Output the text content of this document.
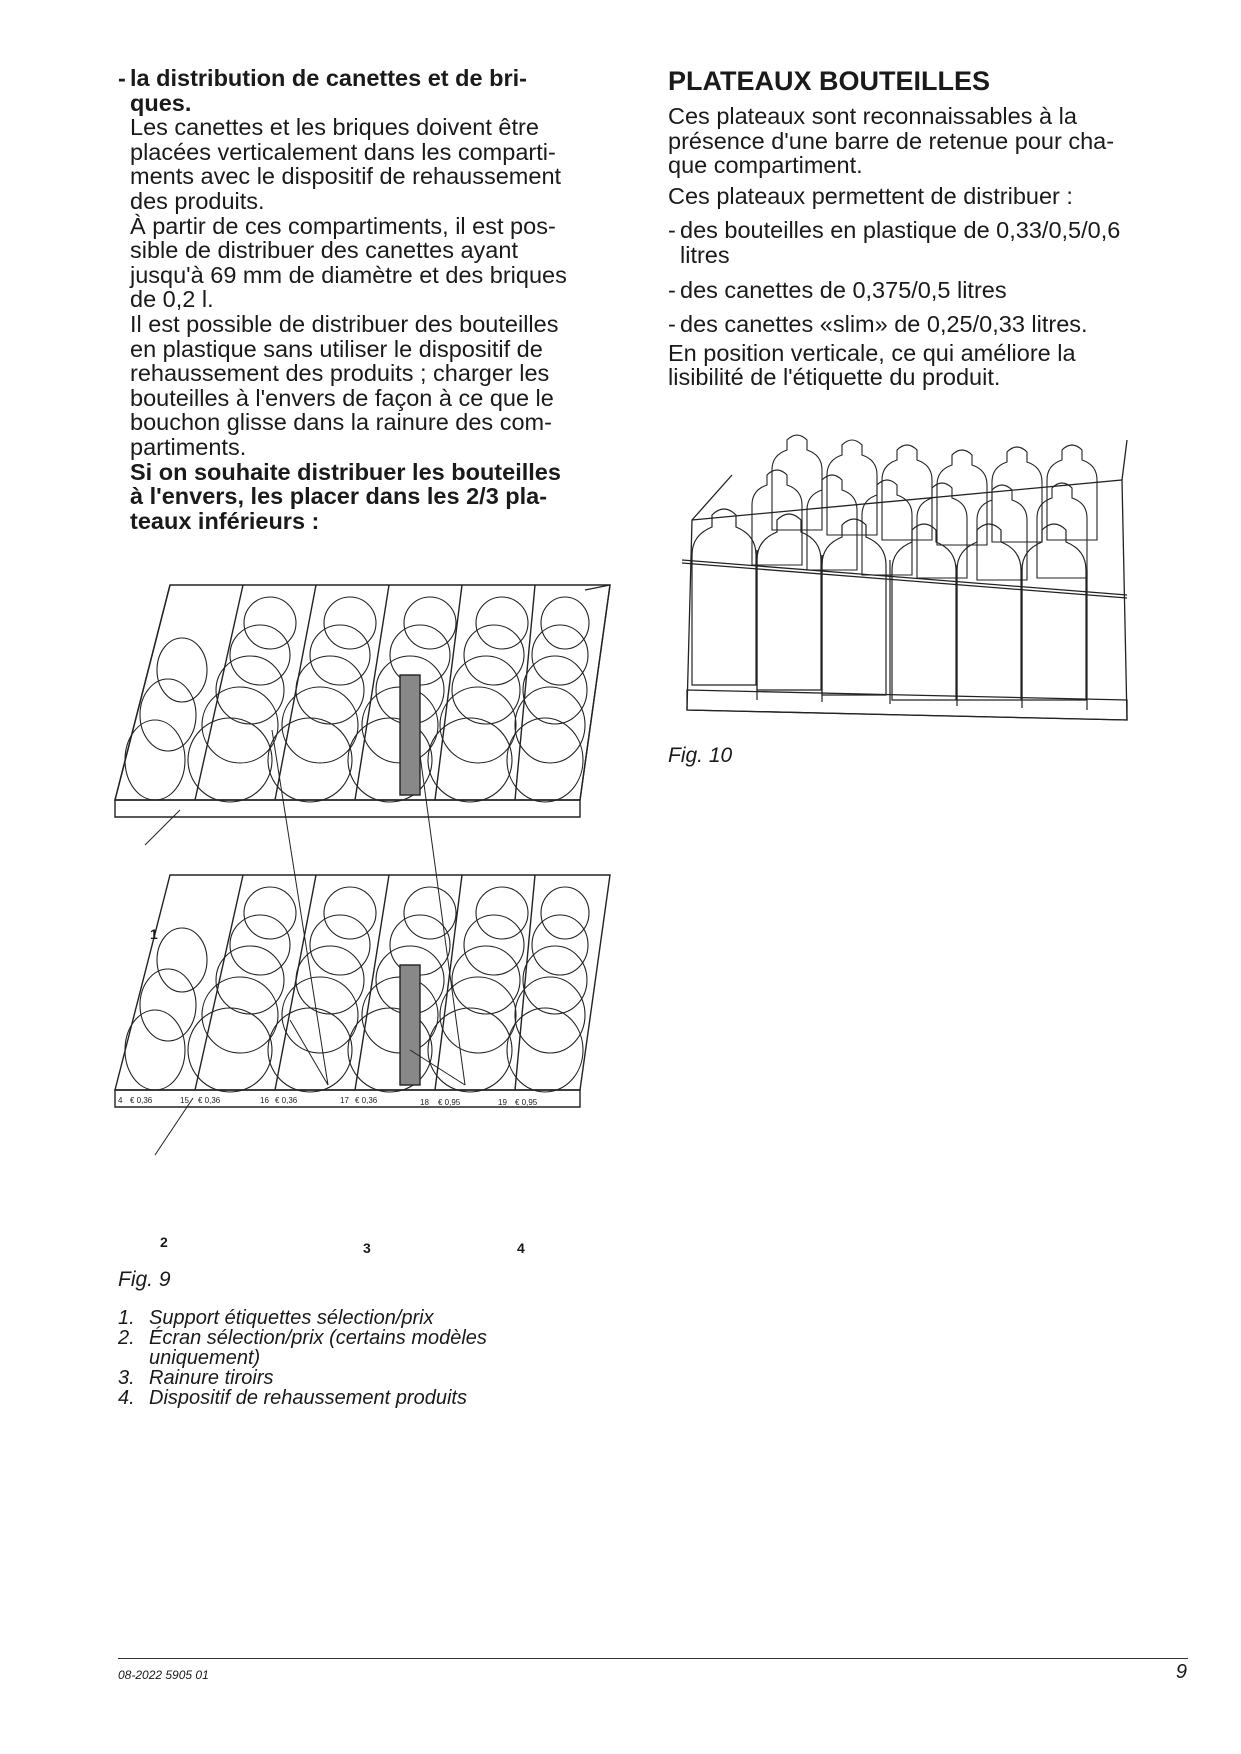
- la distribution de canettes et de bri-
ques.
Les canettes et les briques doivent être
placées verticalement dans les comparti-
ments avec le dispositif de rehaussement
des produits.
À partir de ces compartiments, il est pos-
sible de distribuer des canettes ayant
jusqu'à 69 mm de diamètre et des briques
de 0,2 l.
Il est possible de distribuer des bouteilles
en plastique sans utiliser le dispositif de
rehaussement des produits ; charger les
bouteilles à l'envers de façon à ce que le
bouchon glisse dans la rainure des com-
partiments.
Si on souhaite distribuer les bouteilles
à l'envers, les placer dans les 2/3 pla-
teaux inférieurs :
PLATEAUX BOUTEILLES
Ces plateaux sont reconnaissables à la
présence d'une barre de retenue pour cha-
que compartiment.
Ces plateaux permettent de distribuer :
- des bouteilles en plastique de 0,33/0,5/0,6
litres
- des canettes de 0,375/0,5 litres
- des canettes «slim» de 0,25/0,33 litres.
En position verticale, ce qui améliore la
lisibilité de l'étiquette du produit.
4 € 0,36	15 € 0,36	16 € 0,36	17 € 0,36	18 € 0,95	19 € 0,95
1
2	3	4
Fig. 9
1. Support étiquettes sélection/prix
2. Écran sélection/prix (certains modèles
uniquement)
3. Rainure tiroirs
4. Dispositif de rehaussement produits
Fig. 10
08-2022 5905 01	9
